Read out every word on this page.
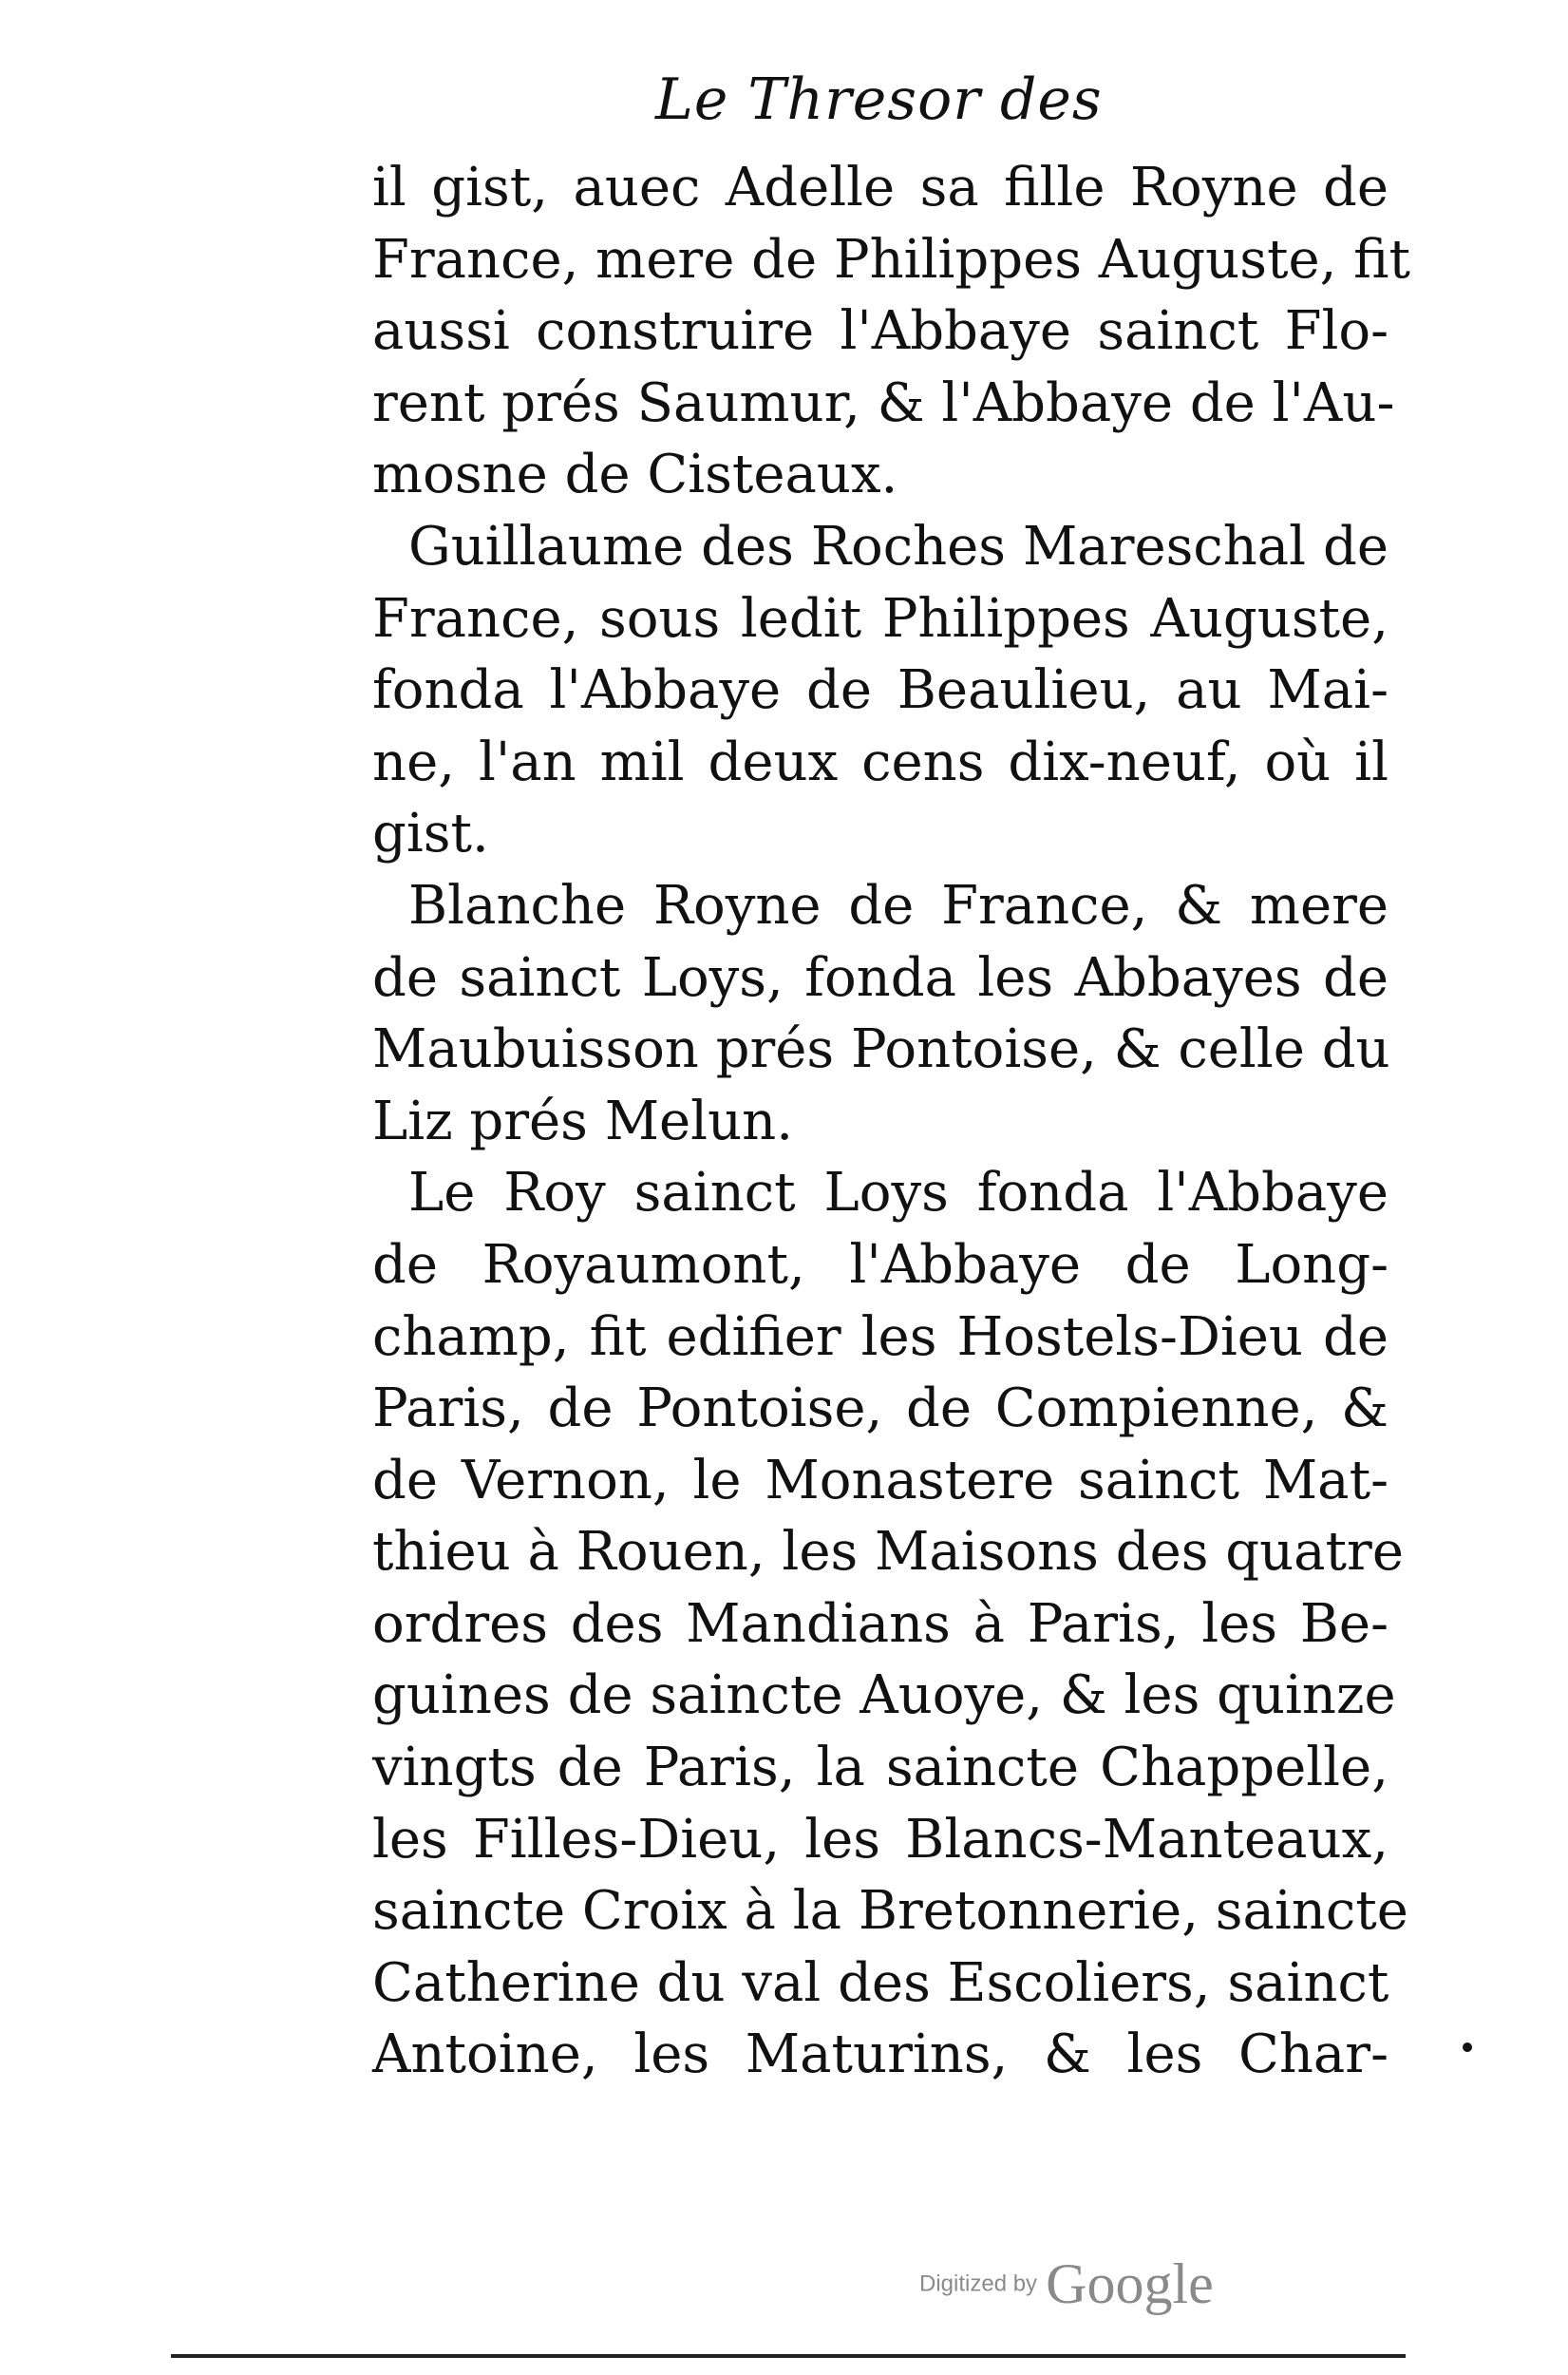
Le Thresor des
il gist, auec Adelle sa fille Royne de
France, mere de Philippes Auguste, fit
aussi construire l'Abbaye sainct Flo-
rent prés Saumur, & l'Abbaye de l'Au-
mosne de Cisteaux.
Guillaume des Roches Mareschal de
France, sous ledit Philippes Auguste,
fonda l'Abbaye de Beaulieu, au Mai-
ne, l'an mil deux cens dix-neuf, où il
gist.
Blanche Royne de France, & mere
de sainct Loys, fonda les Abbayes de
Maubuisson prés Pontoise, & celle du
Liz prés Melun.
Le Roy sainct Loys fonda l'Abbaye
de Royaumont, l'Abbaye de Long-
champ, fit edifier les Hostels-Dieu de
Paris, de Pontoise, de Compienne, &
de Vernon, le Monastere sainct Mat-
thieu à Rouen, les Maisons des quatre
ordres des Mandians à Paris, les Be-
guines de saincte Auoye, & les quinze
vingts de Paris, la saincte Chappelle,
les Filles-Dieu, les Blancs-Manteaux,
saincte Croix à la Bretonnerie, saincte
Catherine du val des Escoliers, sainct
Antoine, les Maturins, & les Char-
Digitized by Google
